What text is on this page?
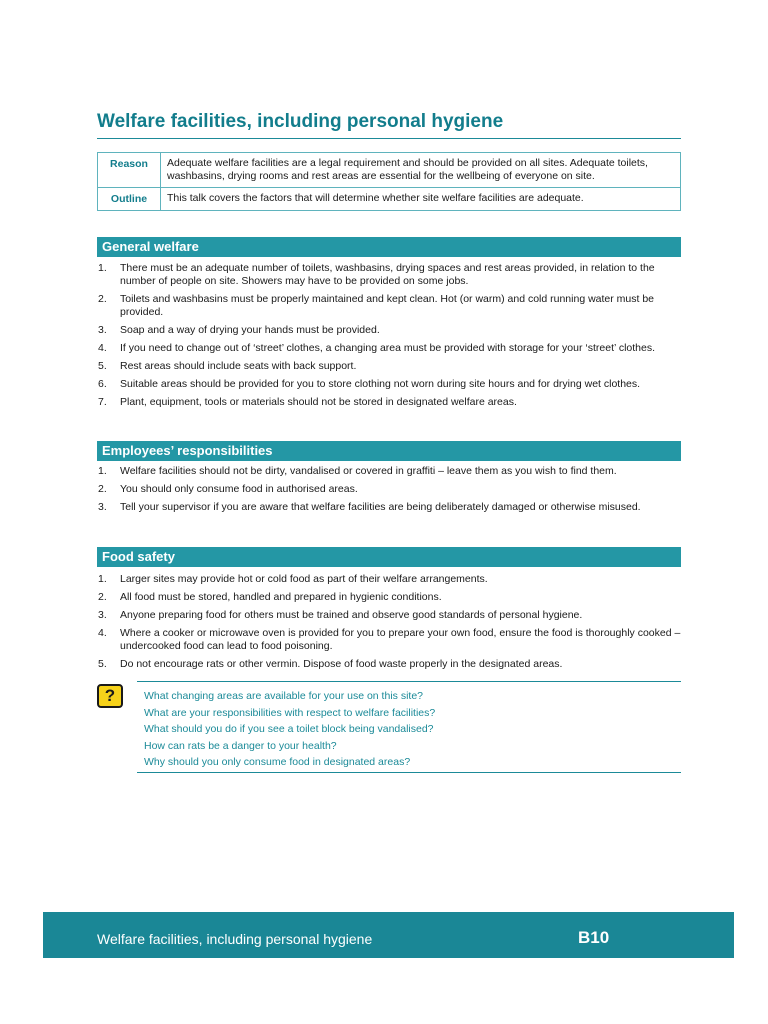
Welfare facilities, including personal hygiene
Reason	Adequate welfare facilities are a legal requirement and should be provided on all sites. Adequate toilets, washbasins, drying rooms and rest areas are essential for the wellbeing of everyone on site.
Outline	This talk covers the factors that will determine whether site welfare facilities are adequate.
General welfare
1. There must be an adequate number of toilets, washbasins, drying spaces and rest areas provided, in relation to the number of people on site. Showers may have to be provided on some jobs.
2. Toilets and washbasins must be properly maintained and kept clean. Hot (or warm) and cold running water must be provided.
3. Soap and a way of drying your hands must be provided.
4. If you need to change out of ‘street’ clothes, a changing area must be provided with storage for your ‘street’ clothes.
5. Rest areas should include seats with back support.
6. Suitable areas should be provided for you to store clothing not worn during site hours and for drying wet clothes.
7. Plant, equipment, tools or materials should not be stored in designated welfare areas.
Employees’ responsibilities
1. Welfare facilities should not be dirty, vandalised or covered in graffiti – leave them as you wish to find them.
2. You should only consume food in authorised areas.
3. Tell your supervisor if you are aware that welfare facilities are being deliberately damaged or otherwise misused.
Food safety
1. Larger sites may provide hot or cold food as part of their welfare arrangements.
2. All food must be stored, handled and prepared in hygienic conditions.
3. Anyone preparing food for others must be trained and observe good standards of personal hygiene.
4. Where a cooker or microwave oven is provided for you to prepare your own food, ensure the food is thoroughly cooked – undercooked food can lead to food poisoning.
5. Do not encourage rats or other vermin. Dispose of food waste properly in the designated areas.
?	What changing areas are available for your use on this site?
What are your responsibilities with respect to welfare facilities?
What should you do if you see a toilet block being vandalised?
How can rats be a danger to your health?
Why should you only consume food in designated areas?
Welfare facilities, including personal hygiene	B10
